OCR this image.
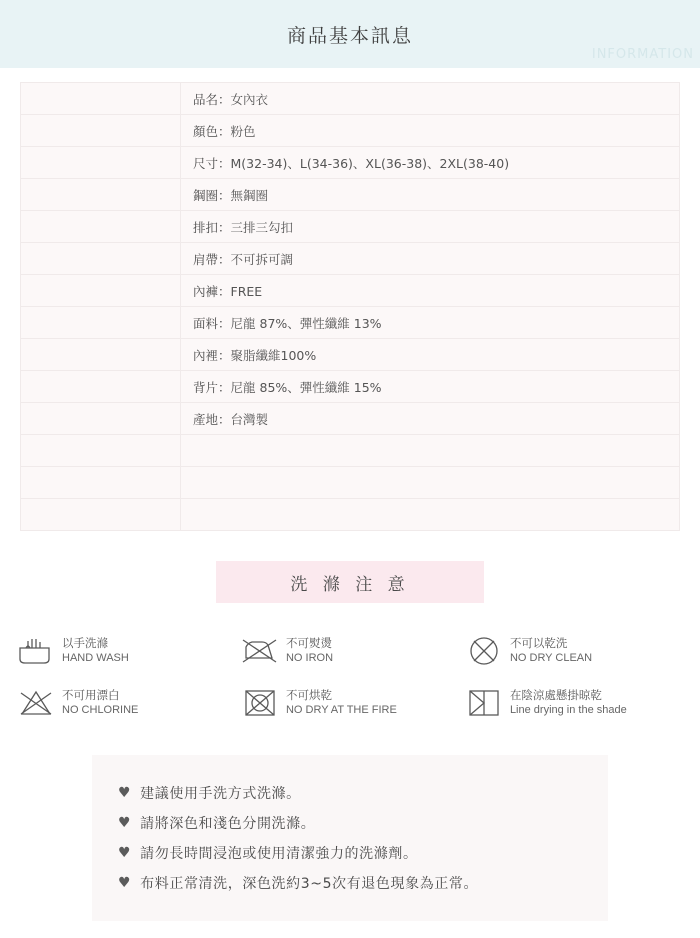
商品基本訊息
INFORMATION
	品名：女內衣
	顏色：粉色
	尺寸：M(32-34)、L(34-36)、XL(36-38)、2XL(38-40)
	鋼圈：無鋼圈
	排扣：三排三勾扣
	肩帶：不可拆可調
	內褲：FREE
	面料：尼龍 87%、彈性纖維 13%
	內裡：聚脂纖維100%
	背片：尼龍 85%、彈性纖維 15%
	產地：台灣製

洗 滌 注 意
以手洗滌
HAND WASH
不可熨燙
NO IRON
不可以乾洗
NO DRY CLEAN
不可用漂白
NO CHLORINE
不可烘乾
NO DRY AT THE FIRE
在陰涼處懸掛晾乾
Line drying in the shade
♥ 建議使用手洗方式洗滌。
♥ 請將深色和淺色分開洗滌。
♥ 請勿長時間浸泡或使用清潔強力的洗滌劑。
♥ 布料正常清洗，深色洗約3~5次有退色現象為正常。
